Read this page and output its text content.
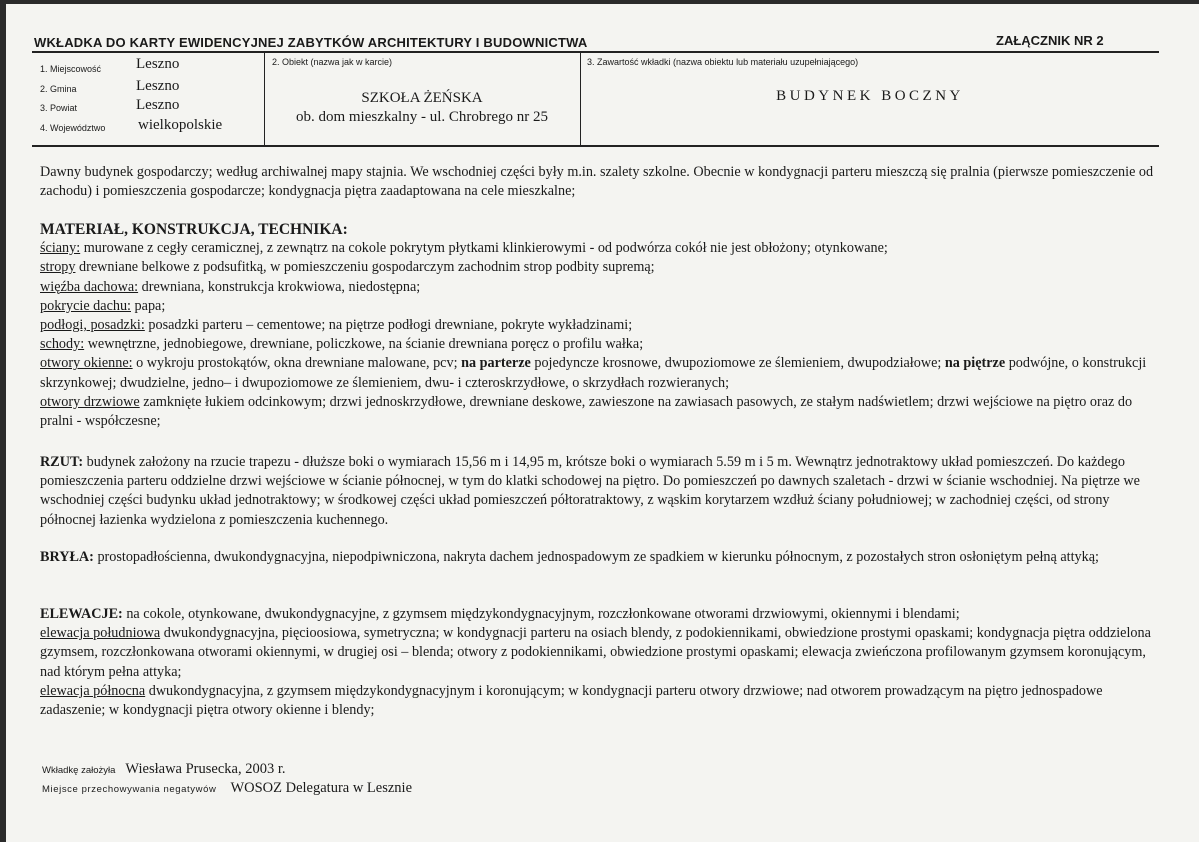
WKŁADKA DO KARTY EWIDENCYJNEJ ZABYTKÓW ARCHITEKTURY I BUDOWNICTWA	ZAŁĄCZNIK NR 2
1. Miejscowość Leszno
2. Gmina	Leszno
3. Powiat	Leszno
4. Województwo wielkopolskie
2. Obiekt (nazwa jak w karcie)
SZKOŁA ŻEŃSKA
ob. dom mieszkalny - ul. Chrobrego nr 25
3. Zawartość wkładki (nazwa obiektu lub materiału uzupełniającego)
BUDYNEK BOCZNY

Dawny budynek gospodarczy; według archiwalnej mapy stajnia. We wschodniej części były m.in. szalety szkolne. Obecnie w kondygnacji parteru mieszczą się pralnia (pierwsze pomieszczenie od zachodu) i pomieszczenia gospodarcze; kondygnacja piętra zaadaptowana na cele mieszkalne;

MATERIAŁ, KONSTRUKCJA, TECHNIKA:

ściany: murowane z cegły ceramicznej, z zewnątrz na cokole pokrytym płytkami klinkierowymi - od podwórza cokół nie jest obłożony; otynkowane;

stropy drewniane belkowe z podsufitką, w pomieszczeniu gospodarczym zachodnim strop podbity supremą;

więźba dachowa: drewniana, konstrukcja krokwiowa, niedostępna;

pokrycie dachu: papa;

podłogi, posadzki: posadzki parteru – cementowe; na piętrze podłogi drewniane, pokryte wykładzinami;

schody: wewnętrzne, jednobiegowe, drewniane, policzkowe, na ścianie drewniana poręcz o profilu wałka;

otwory okienne: o wykroju prostokątów, okna drewniane malowane, pcv; na parterze pojedyncze krosnowe, dwupoziomowe ze ślemieniem, dwupodziałowe; na piętrze podwójne, o konstrukcji skrzynkowej; dwudzielne, jedno– i dwupoziomowe ze ślemieniem, dwu- i czteroskrzydłowe, o skrzydłach rozwieranych;

otwory drzwiowe zamknięte łukiem odcinkowym; drzwi jednoskrzydłowe, drewniane deskowe, zawieszone na zawiasach pasowych, ze stałym nadświetlem; drzwi wejściowe na piętro oraz do pralni - współczesne;

RZUT: budynek założony na rzucie trapezu - dłuższe boki o wymiarach 15,56 m i 14,95 m, krótsze boki o wymiarach 5.59 m i 5 m. Wewnątrz jednotraktowy układ pomieszczeń. Do każdego pomieszczenia parteru oddzielne drzwi wejściowe w ścianie północnej, w tym do klatki schodowej na piętro. Do pomieszczeń po dawnych szaletach - drzwi w ścianie wschodniej. Na piętrze we wschodniej części budynku układ jednotraktowy; w środkowej części układ pomieszczeń półtoratraktowy, z wąskim korytarzem wzdłuż ściany południowej; w zachodniej części, od strony północnej łazienka wydzielona z pomieszczenia kuchennego.

BRYŁA: prostopadłościenna, dwukondygnacyjna, niepodpiwniczona, nakryta dachem jednospadowym ze spadkiem w kierunku północnym, z pozostałych stron osłoniętym pełną attyką;

ELEWACJE: na cokole, otynkowane, dwukondygnacyjne, z gzymsem międzykondygnacyjnym, rozczłonkowane otworami drzwiowymi, okiennymi i blendami;

elewacja południowa dwukondygnacyjna, pięcioosiowa, symetryczna; w kondygnacji parteru na osiach blendy, z podokiennikami, obwiedzione prostymi opaskami; kondygnacja piętra oddzielona gzymsem, rozczłonkowana otworami okiennymi, w drugiej osi – blenda; otwory z podokiennikami, obwiedzione prostymi opaskami; elewacja zwieńczona profilowanym gzymsem koronującym, nad którym pełna attyka;

elewacja północna dwukondygnacyjna, z gzymsem międzykondygnacyjnym i koronującym; w kondygnacji parteru otwory drzwiowe; nad otworem prowadzącym na piętro jednospadowe zadaszenie; w kondygnacji piętra otwory okienne i blendy;

Wkładkę założyła Wiesława Prusecka, 2003 r.
Miejsce przechowywania negatywów WOSOZ Delegatura w Lesznie
